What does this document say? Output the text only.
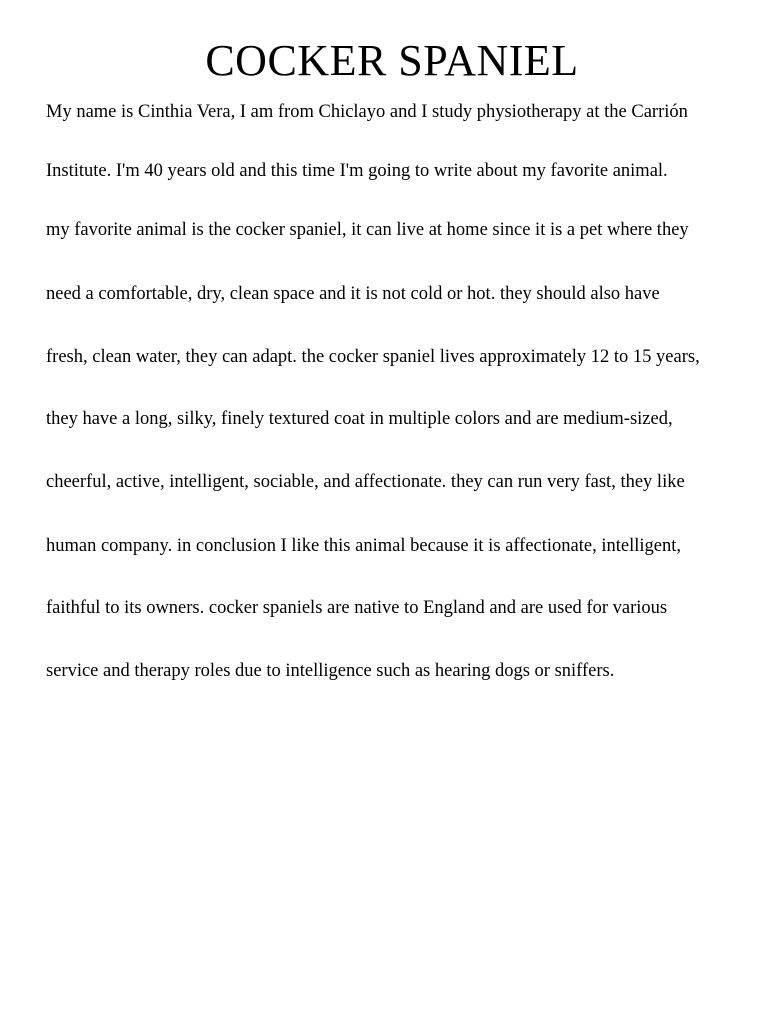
COCKER SPANIEL
My name is Cinthia Vera, I am from Chiclayo and I study physiotherapy at the Carrión
Institute. I'm 40 years old and this time I'm going to write about my favorite animal.
my favorite animal is the cocker spaniel, it can live at home since it is a pet where they
need a comfortable, dry, clean space and it is not cold or hot. they should also have
fresh, clean water, they can adapt. the cocker spaniel lives approximately 12 to 15 years,
they have a long, silky, finely textured coat in multiple colors and are medium-sized,
cheerful, active, intelligent, sociable, and affectionate. they can run very fast, they like
human company. in conclusion I like this animal because it is affectionate, intelligent,
faithful to its owners. cocker spaniels are native to England and are used for various
service and therapy roles due to intelligence such as hearing dogs or sniffers.
